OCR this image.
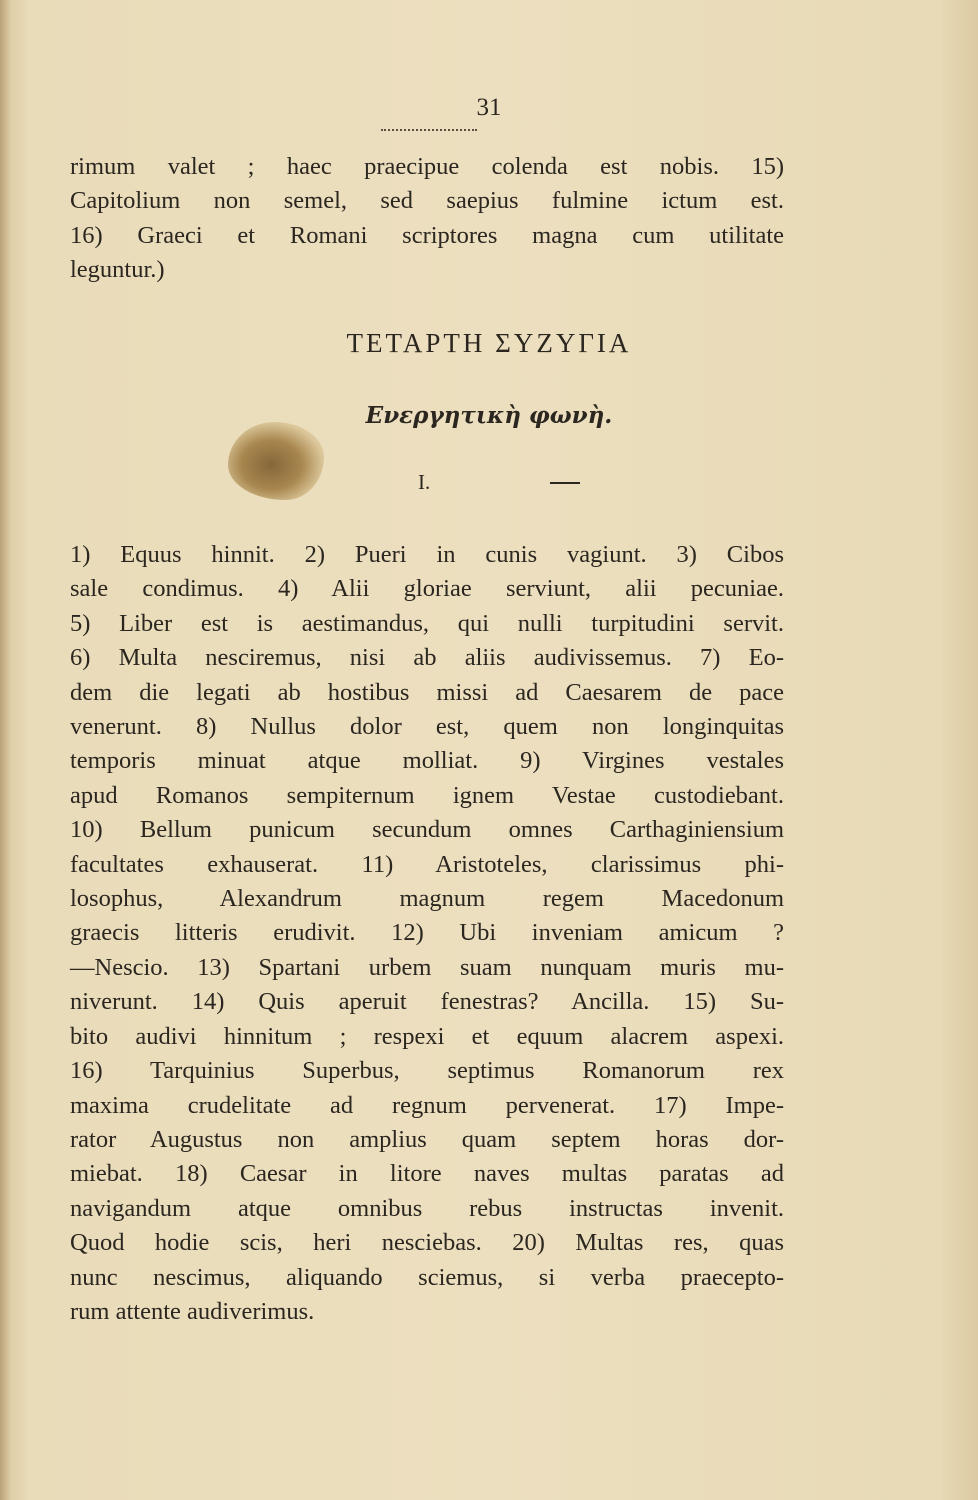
31
rimum valet ; haec praecipue colenda est nobis. 15)
Capitolium non semel, sed saepius fulmine ictum est.
16) Graeci et Romani scriptores magna cum utilitate
leguntur.)
ΤΕΤΑΡΤΗ ΣΥΖΥΓΙΑ
Ενεργητικὴ φωνὴ.
I.
1) Equus hinnit. 2) Pueri in cunis vagiunt. 3) Cibos
sale condimus. 4) Alii gloriae serviunt, alii pecuniae.
5) Liber est is aestimandus, qui nulli turpitudini servit.
6) Multa nesciremus, nisi ab aliis audivissemus. 7) Eo-
dem die legati ab hostibus missi ad Caesarem de pace
venerunt. 8) Nullus dolor est, quem non longinquitas
temporis minuat atque molliat. 9) Virgines vestales
apud Romanos sempiternum ignem Vestae custodiebant.
10) Bellum punicum secundum omnes Carthaginiensium
facultates exhauserat. 11) Aristoteles, clarissimus phi-
losophus, Alexandrum magnum regem Macedonum
graecis litteris erudivit. 12) Ubi inveniam amicum ?
—Nescio. 13) Spartani urbem suam nunquam muris mu-
niverunt. 14) Quis aperuit fenestras? Ancilla. 15) Su-
bito audivi hinnitum ; respexi et equum alacrem aspexi.
16) Tarquinius Superbus, septimus Romanorum rex
maxima crudelitate ad regnum pervenerat. 17) Impe-
rator Augustus non amplius quam septem horas dor-
miebat. 18) Caesar in litore naves multas paratas ad
navigandum atque omnibus rebus instructas invenit.
Quod hodie scis, heri nesciebas. 20) Multas res, quas
nunc nescimus, aliquando sciemus, si verba praecepto-
rum attente audiverimus.
